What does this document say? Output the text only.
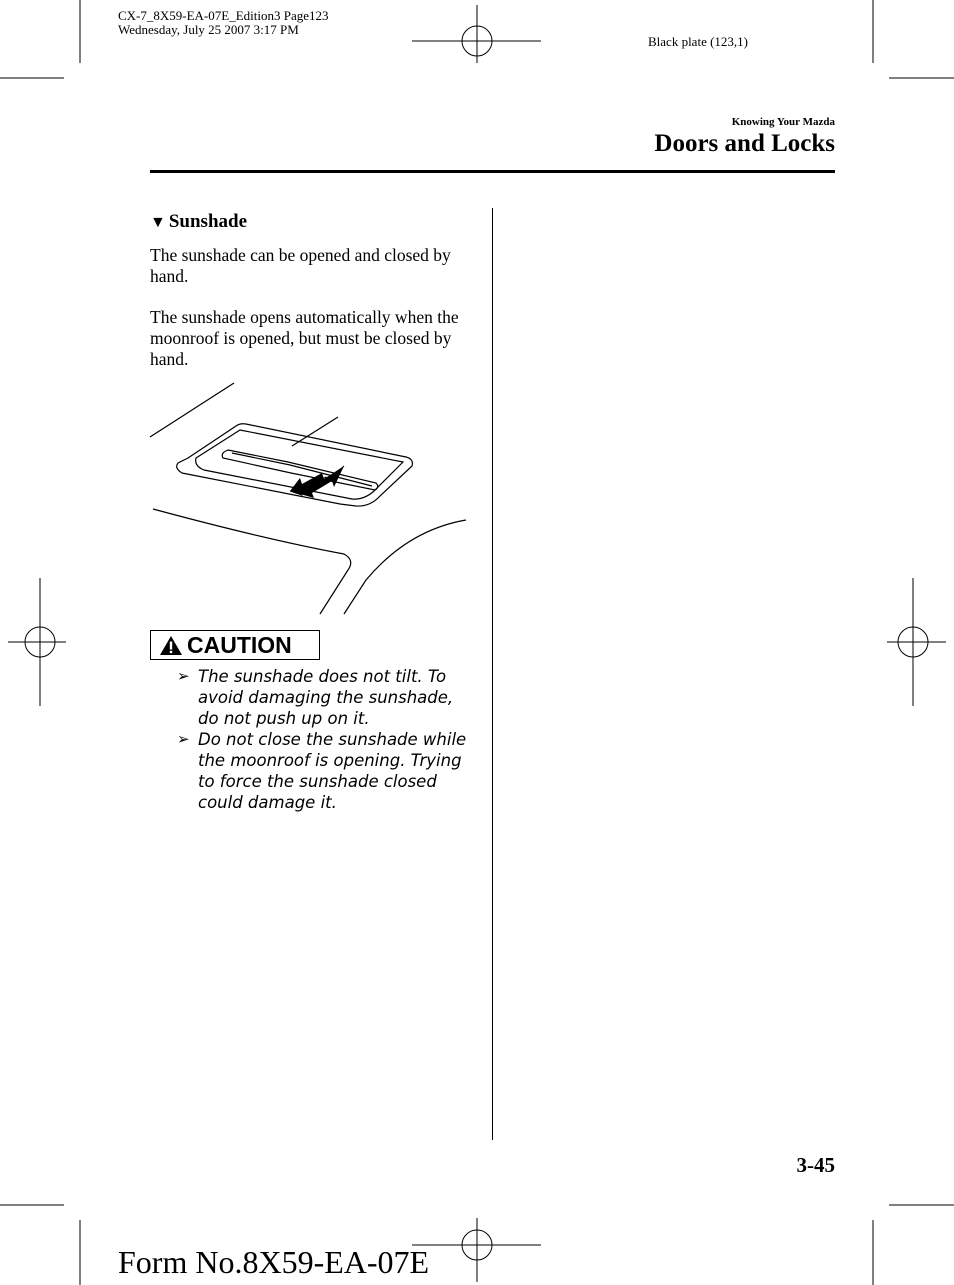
CX-7_8X59-EA-07E_Edition3 Page123
Wednesday, July 25 2007 3:17 PM
Black plate (123,1)
Knowing Your Mazda
Doors and Locks
▼ Sunshade
The sunshade can be opened and closed by hand.
The sunshade opens automatically when the moonroof is opened, but must be closed by hand.
CAUTION
➢ The sunshade does not tilt. To avoid damaging the sunshade, do not push up on it.
➢ Do not close the sunshade while the moonroof is opening. Trying to force the sunshade closed could damage it.
3-45
Form No.8X59-EA-07E
